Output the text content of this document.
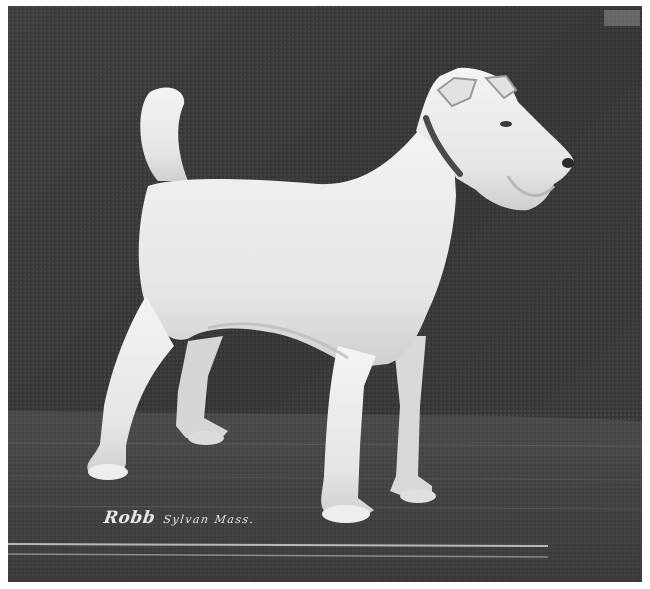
Robb Sylvan Mass.
